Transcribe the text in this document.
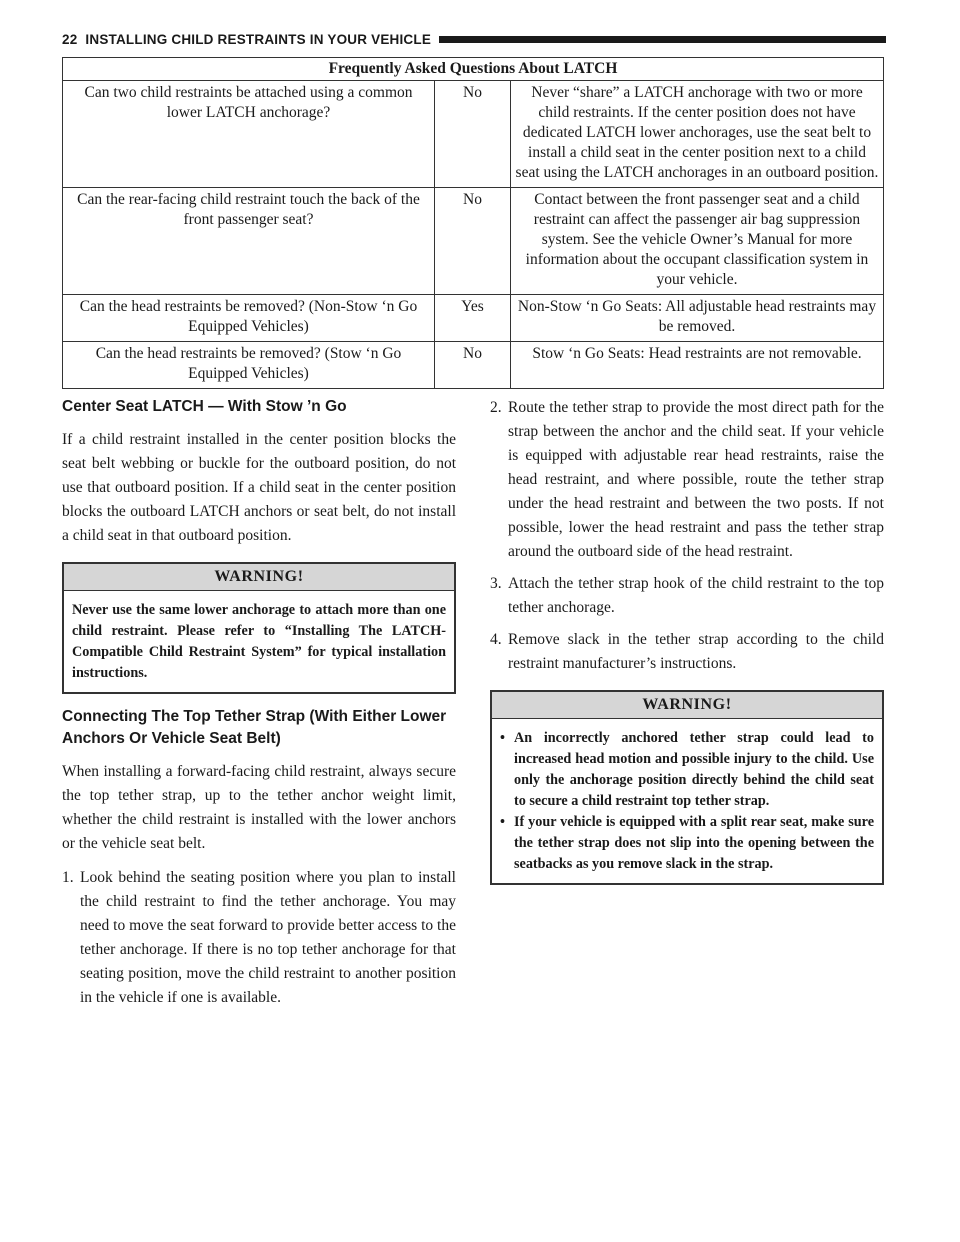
22 INSTALLING CHILD RESTRAINTS IN YOUR VEHICLE
Frequently Asked Questions About LATCH		
Can two child restraints be attached using a common lower LATCH anchorage?	No	Never “share” a LATCH anchorage with two or more child restraints. If the center position does not have dedicated LATCH lower anchorages, use the seat belt to install a child seat in the center position next to a child seat using the LATCH anchorages in an outboard position.
Can the rear-facing child restraint touch the back of the front passenger seat?	No	Contact between the front passenger seat and a child restraint can affect the passenger air bag suppression system. See the vehicle Owner’s Manual for more information about the occupant classification system in your vehicle.
Can the head restraints be removed? (Non-Stow ‘n Go Equipped Vehicles)	Yes	Non-Stow ‘n Go Seats: All adjustable head restraints may be removed.
Can the head restraints be removed? (Stow ‘n Go Equipped Vehicles)	No	Stow ‘n Go Seats: Head restraints are not removable.
Center Seat LATCH — With Stow ’n Go

If a child restraint installed in the center position blocks the seat belt webbing or buckle for the outboard position, do not use that outboard position. If a child seat in the center position blocks the outboard LATCH anchors or seat belt, do not install a child seat in that outboard position.

WARNING!

Never use the same lower anchorage to attach more than one child restraint. Please refer to “Installing The LATCH-Compatible Child Restraint System” for typical installation instructions.

Connecting The Top Tether Strap (With Either Lower Anchors Or Vehicle Seat Belt)

When installing a forward-facing child restraint, always secure the top tether strap, up to the tether anchor weight limit, whether the child restraint is installed with the lower anchors or the vehicle seat belt.

1. Look behind the seating position where you plan to install the child restraint to find the tether anchorage. You may need to move the seat forward to provide better access to the tether anchorage. If there is no top tether anchorage for that seating position, move the child restraint to another position in the vehicle if one is available.
2. Route the tether strap to provide the most direct path for the strap between the anchor and the child seat. If your vehicle is equipped with adjustable rear head restraints, raise the head restraint, and where possible, route the tether strap under the head restraint and between the two posts. If not possible, lower the head restraint and pass the tether strap around the outboard side of the head restraint.
3. Attach the tether strap hook of the child restraint to the top tether anchorage.
4. Remove slack in the tether strap according to the child restraint manufacturer’s instructions.
WARNING!
• An incorrectly anchored tether strap could lead to increased head motion and possible injury to the child. Use only the anchorage position directly behind the child seat to secure a child restraint top tether strap.
• If your vehicle is equipped with a split rear seat, make sure the tether strap does not slip into the opening between the seatbacks as you remove slack in the strap.
